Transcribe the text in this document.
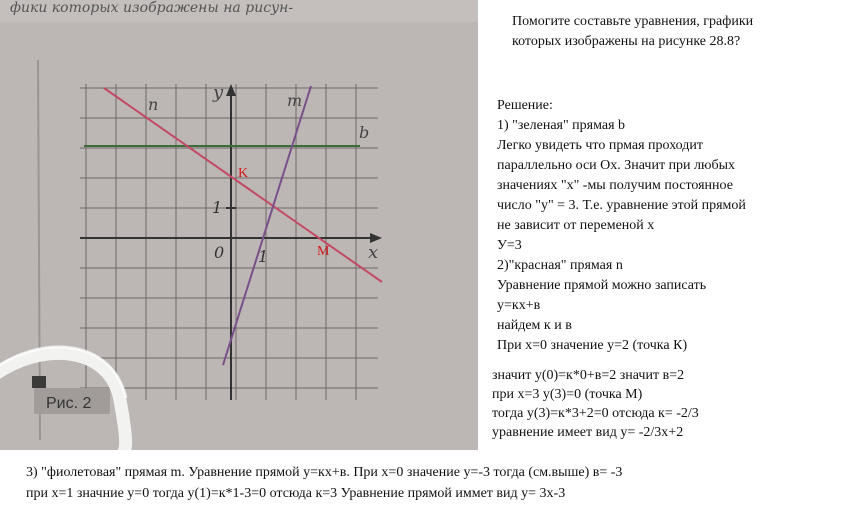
фики которых изображены на рисун-
n	m
b
y
x
0 1
1
K
M
Рис. 2
Помогите составьте уравнения, графики
которых изображены на рисунке 28.8?
Решение:
1) "зеленая" прямая b
Легко увидеть что прмая проходит
параллельно оси Ox. Значит при любых
значениях "x" -мы получим постоянное
число "y" = 3. Т.е. уравнение этой прямой
не зависит от переменой x
У=3
2)"красная" прямая n
Уравнение прямой можно записать
y=кx+в
найдем к и в
При x=0 значение y=2 (точка К)
значит y(0)=к*0+в=2 значит в=2
при x=3 y(3)=0 (точка М)
тогда y(3)=к*3+2=0 отсюда к= -2/3
уравнение имеет вид y= -2/3x+2
3) "фиолетовая" прямая m. Уравнение прямой y=кx+в. При x=0 значение y=-3 тогда (см.выше) в= -3
при x=1 значние y=0 тогда y(1)=к*1-3=0 отсюда к=3 Уравнение прямой иммет вид y= 3x-3
